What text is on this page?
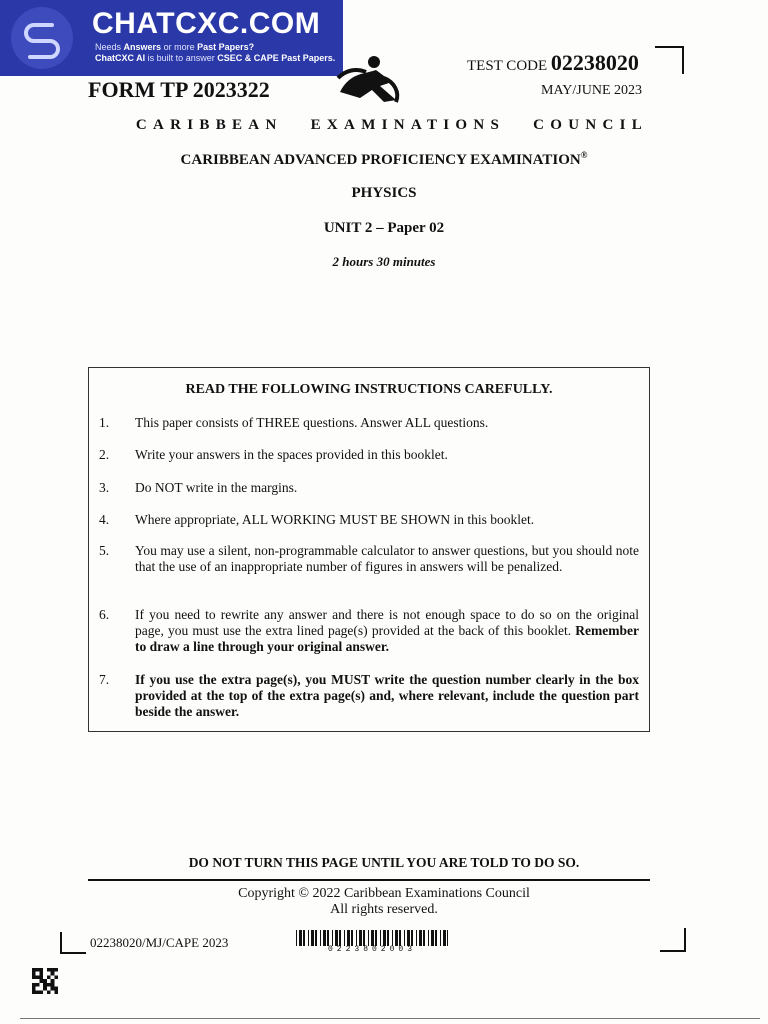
CHATCXC.COM
Needs Answers or more Past Papers?
ChatCXC AI is built to answer CSEC & CAPE Past Papers.
FORM TP 2023322
TEST CODE 02238020
MAY/JUNE 2023
CARIBBEAN EXAMINATIONS COUNCIL
CARIBBEAN ADVANCED PROFICIENCY EXAMINATION®
PHYSICS
UNIT 2 – Paper 02
2 hours 30 minutes
READ THE FOLLOWING INSTRUCTIONS CAREFULLY.
1.	This paper consists of THREE questions. Answer ALL questions.
2.	Write your answers in the spaces provided in this booklet.
3.	Do NOT write in the margins.
4.	Where appropriate, ALL WORKING MUST BE SHOWN in this booklet.
5.	You may use a silent, non-programmable calculator to answer questions, but you should note that the use of an inappropriate number of figures in answers will be penalized.
6.	If you need to rewrite any answer and there is not enough space to do so on the original page, you must use the extra lined page(s) provided at the back of this booklet. Remember to draw a line through your original answer.
7.	If you use the extra page(s), you MUST write the question number clearly in the box provided at the top of the extra page(s) and, where relevant, include the question part beside the answer.
DO NOT TURN THIS PAGE UNTIL YOU ARE TOLD TO DO SO.
Copyright © 2022 Caribbean Examinations Council
All rights reserved.
02238020/MJ/CAPE 2023	0223802003
